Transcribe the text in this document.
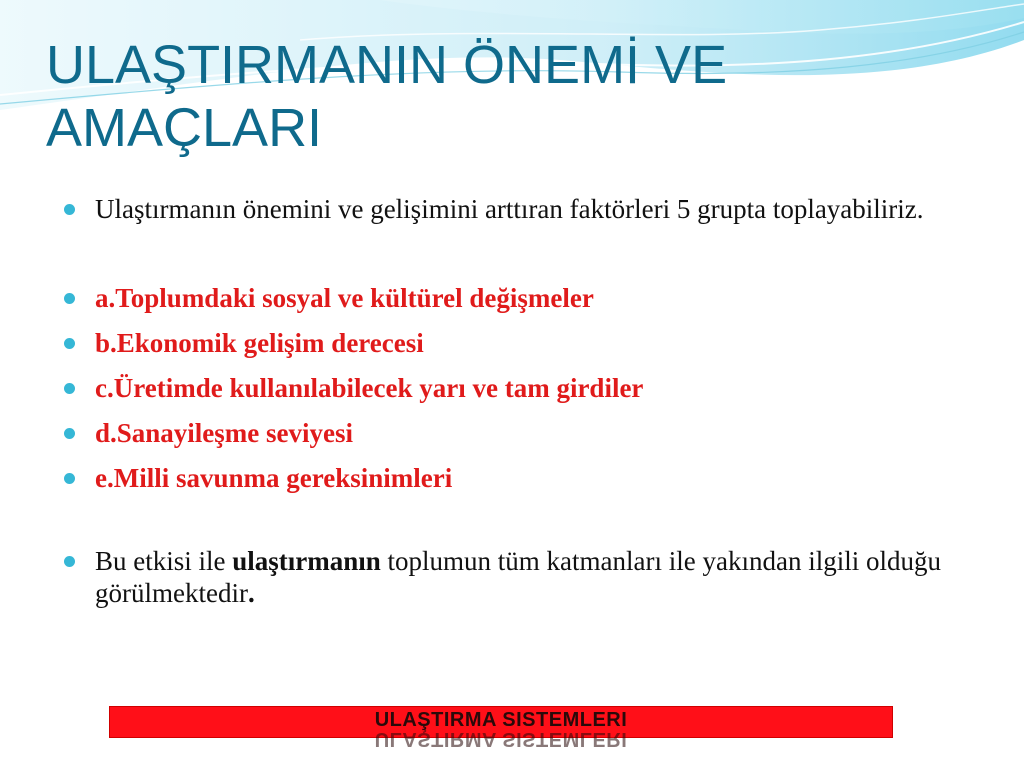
ULAŞTIRMANIN ÖNEMİ VE AMAÇLARI
Ulaştırmanın önemini ve gelişimini arttıran faktörleri 5 grupta toplayabiliriz.
a.Toplumdaki sosyal ve kültürel değişmeler
b.Ekonomik gelişim derecesi
c.Üretimde kullanılabilecek yarı ve tam girdiler
d.Sanayileşme seviyesi
e.Milli savunma gereksinimleri
Bu etkisi ile ulaştırmanın toplumun tüm katmanları ile yakından ilgili olduğu görülmektedir.
ULAŞTIRMA SISTEMLERI
ULAŞTIRMA SISTEMLERI
